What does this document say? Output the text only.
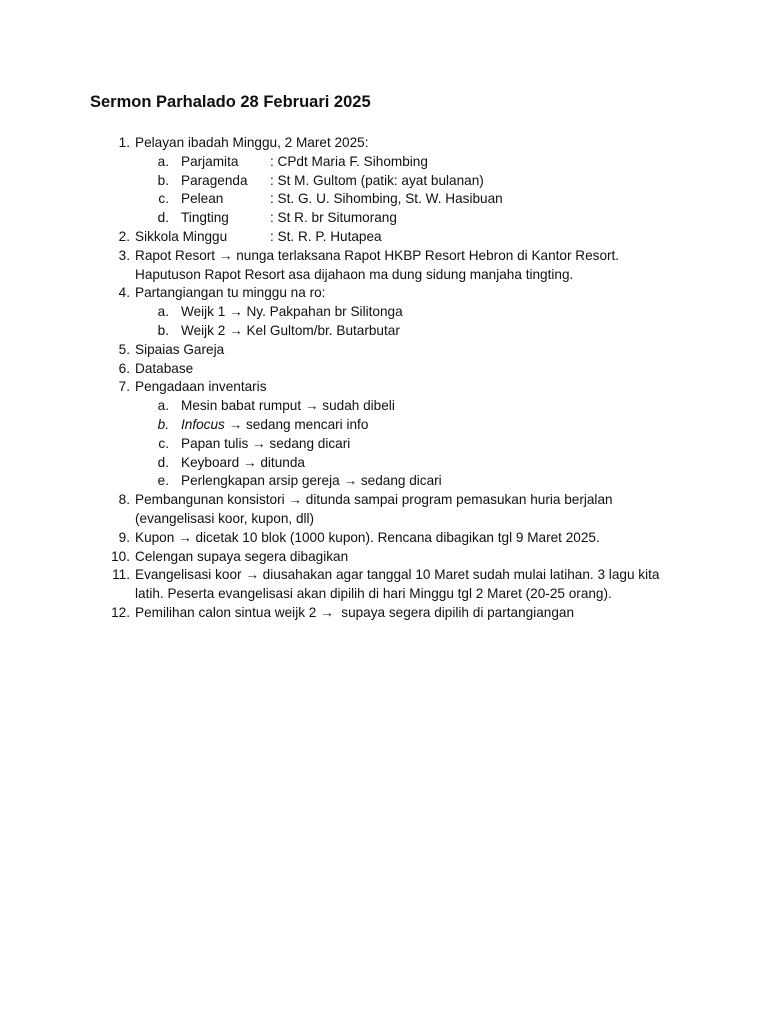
Sermon Parhalado 28 Februari 2025
1. Pelayan ibadah Minggu, 2 Maret 2025:
a. Parjamita : CPdt Maria F. Sihombing
b. Paragenda : St M. Gultom (patik: ayat bulanan)
c. Pelean	: St. G. U. Sihombing, St. W. Hasibuan
d. Tingting	: St R. br Situmorang
2. Sikkola Minggu	: St. R. P. Hutapea
3. Rapot Resort → nunga terlaksana Rapot HKBP Resort Hebron di Kantor Resort.
Haputuson Rapot Resort asa dijahaon ma dung sidung manjaha tingting.
4. Partangiangan tu minggu na ro:
a. Weijk 1 → Ny. Pakpahan br Silitonga
b. Weijk 2 → Kel Gultom/br. Butarbutar
5. Sipaias Gareja
6. Database
7. Pengadaan inventaris
a. Mesin babat rumput → sudah dibeli
b. Infocus → sedang mencari info
c. Papan tulis → sedang dicari
d. Keyboard → ditunda
e. Perlengkapan arsip gereja → sedang dicari
8. Pembangunan konsistori → ditunda sampai program pemasukan huria berjalan
(evangelisasi koor, kupon, dll)
9. Kupon → dicetak 10 blok (1000 kupon). Rencana dibagikan tgl 9 Maret 2025.
10. Celengan supaya segera dibagikan
11. Evangelisasi koor → diusahakan agar tanggal 10 Maret sudah mulai latihan. 3 lagu kita
latih. Peserta evangelisasi akan dipilih di hari Minggu tgl 2 Maret (20-25 orang).
12. Pemilihan calon sintua weijk 2 →  supaya segera dipilih di partangiangan
